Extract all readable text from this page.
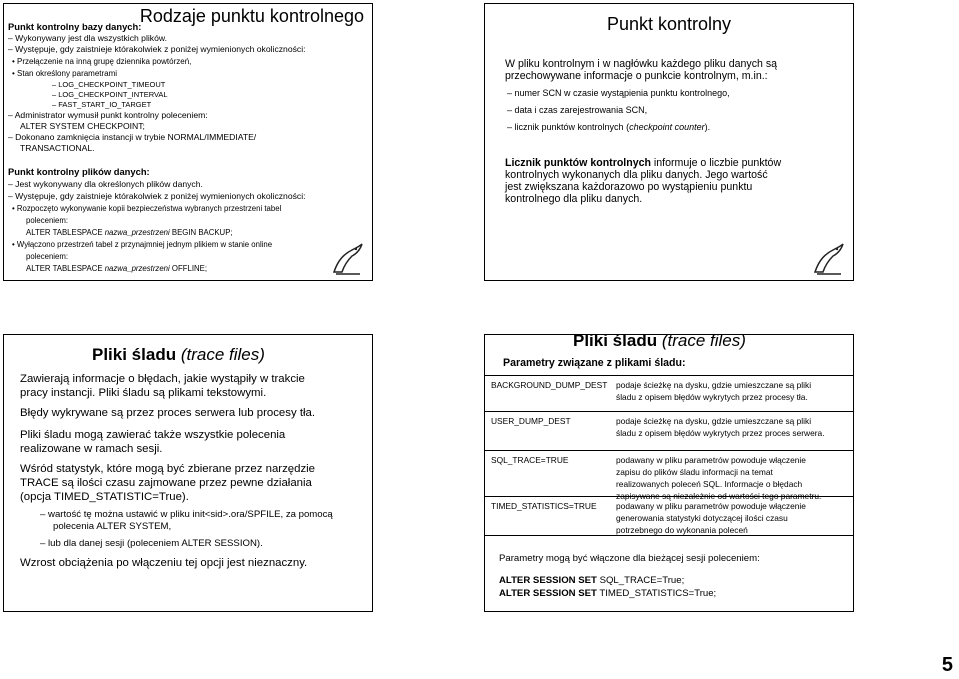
Rodzaje punktu kontrolnego
Punkt kontrolny bazy danych:
– Wykonywany jest dla wszystkich plików.
– Występuje, gdy zaistnieje którakolwiek z poniżej wymienionych okoliczności:
• Przełączenie na inną grupę dziennika powtórzeń,
• Stan określony parametrami
– LOG_CHECKPOINT_TIMEOUT
– LOG_CHECKPOINT_INTERVAL
– FAST_START_IO_TARGET
– Administrator wymusił punkt kontrolny poleceniem:
ALTER SYSTEM CHECKPOINT;
– Dokonano zamknięcia instancji w trybie NORMAL/IMMEDIATE/
TRANSACTIONAL.
Punkt kontrolny plików danych:
– Jest wykonywany dla określonych plików danych.
– Występuje, gdy zaistnieje którakolwiek z poniżej wymienionych okoliczności:
• Rozpoczęto wykonywanie kopii bezpieczeństwa wybranych przestrzeni tabel
poleceniem:
ALTER TABLESPACE nazwa_przestrzeni BEGIN BACKUP;
• Wyłączono przestrzeń tabel z przynajmniej jednym plikiem w stanie online
poleceniem:
ALTER TABLESPACE nazwa_przestrzeni OFFLINE;
Punkt kontrolny
W pliku kontrolnym i w nagłówku każdego pliku danych są
przechowywane informacje o punkcie kontrolnym, m.in.:
– numer SCN w czasie wystąpienia punktu kontrolnego,
– data i czas zarejestrowania SCN,
– licznik punktów kontrolnych (checkpoint counter).
Licznik punktów kontrolnych informuje o liczbie punktów
kontrolnych wykonanych dla pliku danych. Jego wartość
jest zwiększana każdorazowo po wystąpieniu punktu
kontrolnego dla pliku danych.
Pliki śladu (trace files)
Zawierają informacje o błędach, jakie wystąpiły w trakcie
pracy instancji. Pliki śladu są plikami tekstowymi.
Błędy wykrywane są przez proces serwera lub procesy tła.
Pliki śladu mogą zawierać także wszystkie polecenia
realizowane w ramach sesji.
Wśród statystyk, które mogą być zbierane przez narzędzie
TRACE są ilości czasu zajmowane przez pewne działania
(opcja TIMED_STATISTIC=True).
– wartość tę można ustawić w pliku init<sid>.ora/SPFILE, za pomocą
polecenia ALTER SYSTEM,
– lub dla danej sesji (poleceniem ALTER SESSION).
Wzrost obciążenia po włączeniu tej opcji jest nieznaczny.
Pliki śladu (trace files)
Parametry związane z plikami śladu:
BACKGROUND_DUMP_DEST podaje ścieżkę na dysku, gdzie umieszczane są pliki śladu z opisem błędów wykrytych przez procesy tła.
USER_DUMP_DEST	podaje ścieżkę na dysku, gdzie umieszczane są pliki śladu z opisem błędów wykrytych przez proces serwera.
SQL_TRACE=TRUE	podawany w pliku parametrów powoduje włączenie zapisu do plików śladu informacji na temat realizowanych poleceń SQL. Informacje o błędach zapisywane są niezależnie od wartości tego parametru.
TIMED_STATISTICS=TRUE podawany w pliku parametrów powoduje włączenie generowania statystyki dotyczącej ilości czasu potrzebnego do wykonania poleceń
Parametry mogą być włączone dla bieżącej sesji poleceniem:
ALTER SESSION SET SQL_TRACE=True;
ALTER SESSION SET TIMED_STATISTICS=True;
5
